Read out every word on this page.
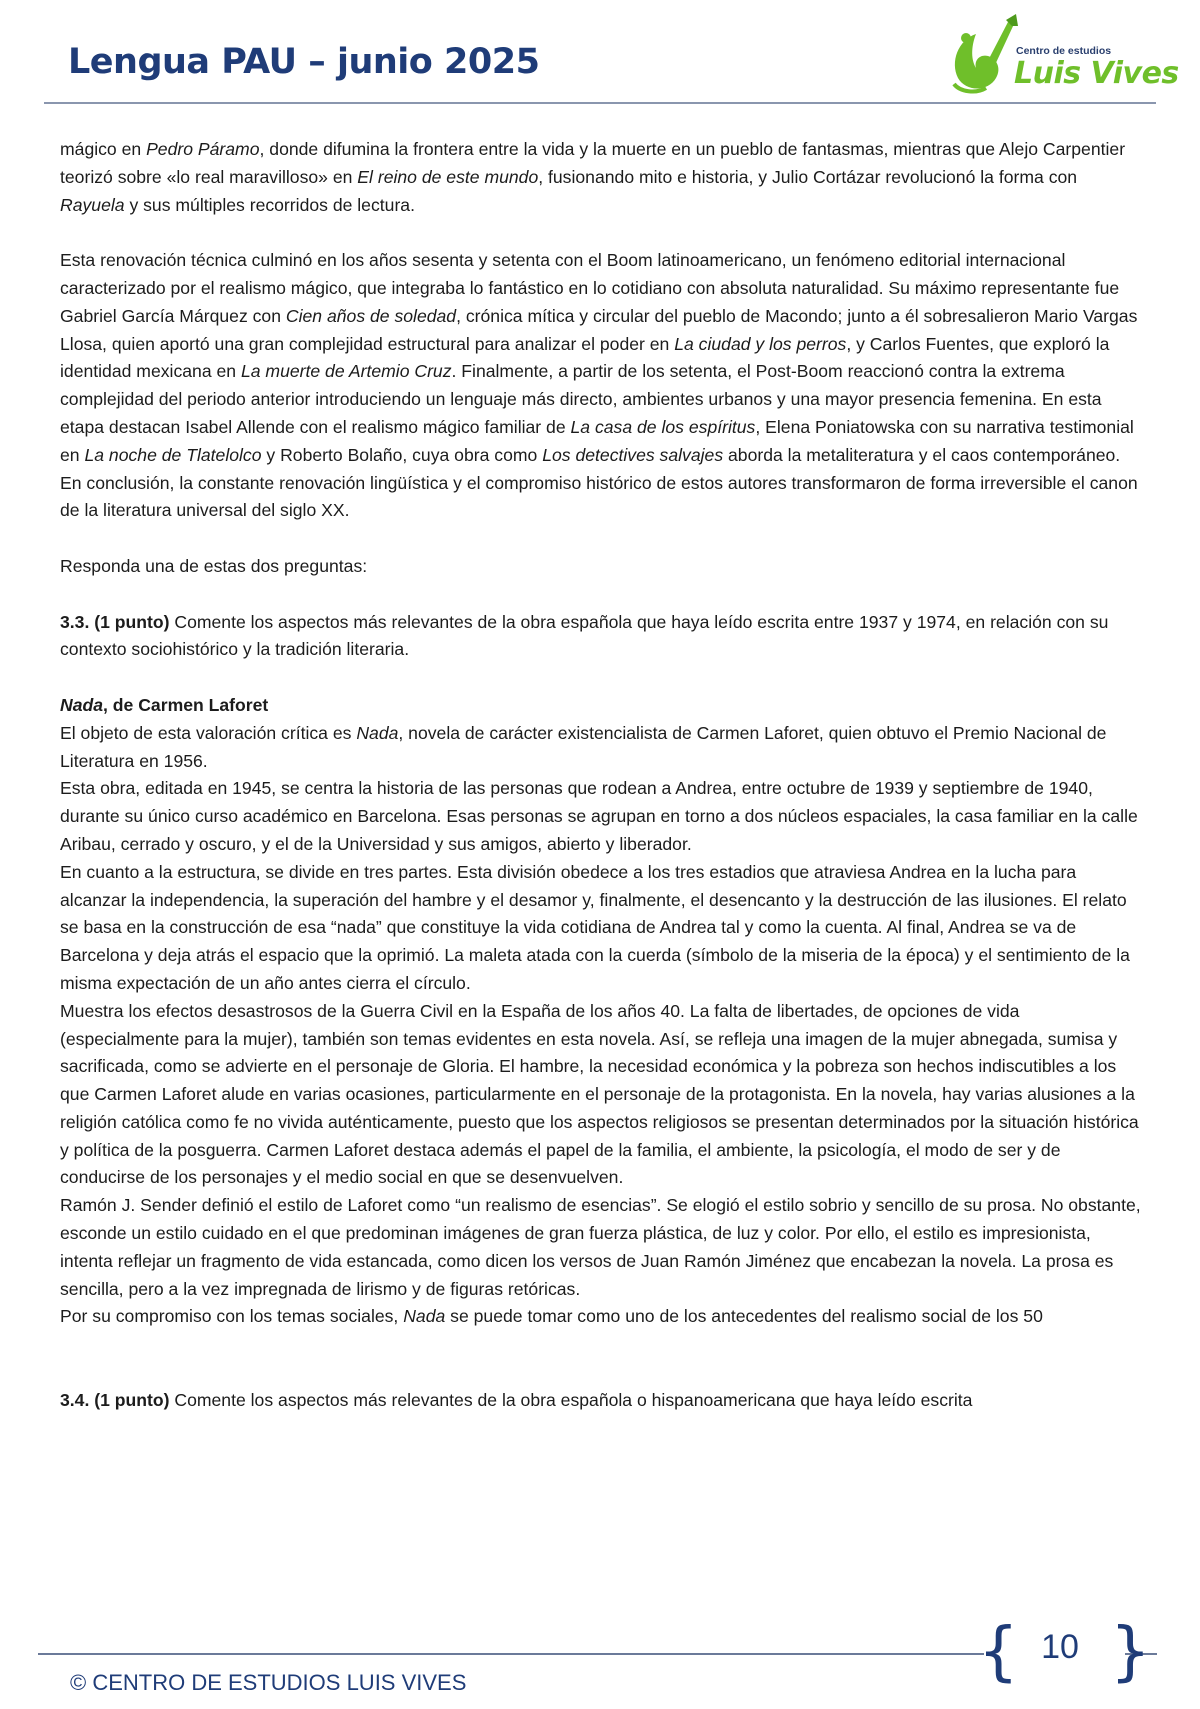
Lengua PAU – junio 2025	Centro de estudios
Luis Vives

mágico en Pedro Páramo, donde difumina la frontera entre la vida y la muerte en un pueblo de fantasmas, mientras que Alejo Carpentier teorizó sobre «lo real maravilloso» en El reino de este mundo, fusionando mito e historia, y Julio Cortázar revolucionó la forma con Rayuela y sus múltiples recorridos de lectura.

Esta renovación técnica culminó en los años sesenta y setenta con el Boom latinoamericano, un fenómeno editorial internacional caracterizado por el realismo mágico, que integraba lo fantástico en lo cotidiano con absoluta naturalidad. Su máximo representante fue Gabriel García Márquez con Cien años de soledad, crónica mítica y circular del pueblo de Macondo; junto a él sobresalieron Mario Vargas Llosa, quien aportó una gran complejidad estructural para analizar el poder en La ciudad y los perros, y Carlos Fuentes, que exploró la identidad mexicana en La muerte de Artemio Cruz. Finalmente, a partir de los setenta, el Post-Boom reaccionó contra la extrema complejidad del periodo anterior introduciendo un lenguaje más directo, ambientes urbanos y una mayor presencia femenina. En esta etapa destacan Isabel Allende con el realismo mágico familiar de La casa de los espíritus, Elena Poniatowska con su narrativa testimonial en La noche de Tlatelolco y Roberto Bolaño, cuya obra como Los detectives salvajes aborda la metaliteratura y el caos contemporáneo. En conclusión, la constante renovación lingüística y el compromiso histórico de estos autores transformaron de forma irreversible el canon de la literatura universal del siglo XX.

Responda una de estas dos preguntas:

3.3. (1 punto) Comente los aspectos más relevantes de la obra española que haya leído escrita entre 1937 y 1974, en relación con su contexto sociohistórico y la tradición literaria.

Nada, de Carmen Laforet

El objeto de esta valoración crítica es Nada, novela de carácter existencialista de Carmen Laforet, quien obtuvo el Premio Nacional de Literatura en 1956.

Esta obra, editada en 1945, se centra la historia de las personas que rodean a Andrea, entre octubre de 1939 y septiembre de 1940, durante su único curso académico en Barcelona. Esas personas se agrupan en torno a dos núcleos espaciales, la casa familiar en la calle Aribau, cerrado y oscuro, y el de la Universidad y sus amigos, abierto y liberador.

En cuanto a la estructura, se divide en tres partes. Esta división obedece a los tres estadios que atraviesa Andrea en la lucha para alcanzar la independencia, la superación del hambre y el desamor y, finalmente, el desencanto y la destrucción de las ilusiones. El relato se basa en la construcción de esa “nada” que constituye la vida cotidiana de Andrea tal y como la cuenta. Al final, Andrea se va de Barcelona y deja atrás el espacio que la oprimió. La maleta atada con la cuerda (símbolo de la miseria de la época) y el sentimiento de la misma expectación de un año antes cierra el círculo.

Muestra los efectos desastrosos de la Guerra Civil en la España de los años 40. La falta de libertades, de opciones de vida (especialmente para la mujer), también son temas evidentes en esta novela. Así, se refleja una imagen de la mujer abnegada, sumisa y sacrificada, como se advierte en el personaje de Gloria. El hambre, la necesidad económica y la pobreza son hechos indiscutibles a los que Carmen Laforet alude en varias ocasiones, particularmente en el personaje de la protagonista. En la novela, hay varias alusiones a la religión católica como fe no vivida auténticamente, puesto que los aspectos religiosos se presentan determinados por la situación histórica y política de la posguerra. Carmen Laforet destaca además el papel de la familia, el ambiente, la psicología, el modo de ser y de conducirse de los personajes y el medio social en que se desenvuelven.

Ramón J. Sender definió el estilo de Laforet como “un realismo de esencias”. Se elogió el estilo sobrio y sencillo de su prosa. No obstante, esconde un estilo cuidado en el que predominan imágenes de gran fuerza plástica, de luz y color. Por ello, el estilo es impresionista, intenta reflejar un fragmento de vida estancada, como dicen los versos de Juan Ramón Jiménez que encabezan la novela. La prosa es sencilla, pero a la vez impregnada de lirismo y de figuras retóricas.

Por su compromiso con los temas sociales, Nada se puede tomar como uno de los antecedentes del realismo social de los 50

3.4. (1 punto) Comente los aspectos más relevantes de la obra española o hispanoamericana que haya leído escrita

{ 10 }
© CENTRO DE ESTUDIOS LUIS VIVES
